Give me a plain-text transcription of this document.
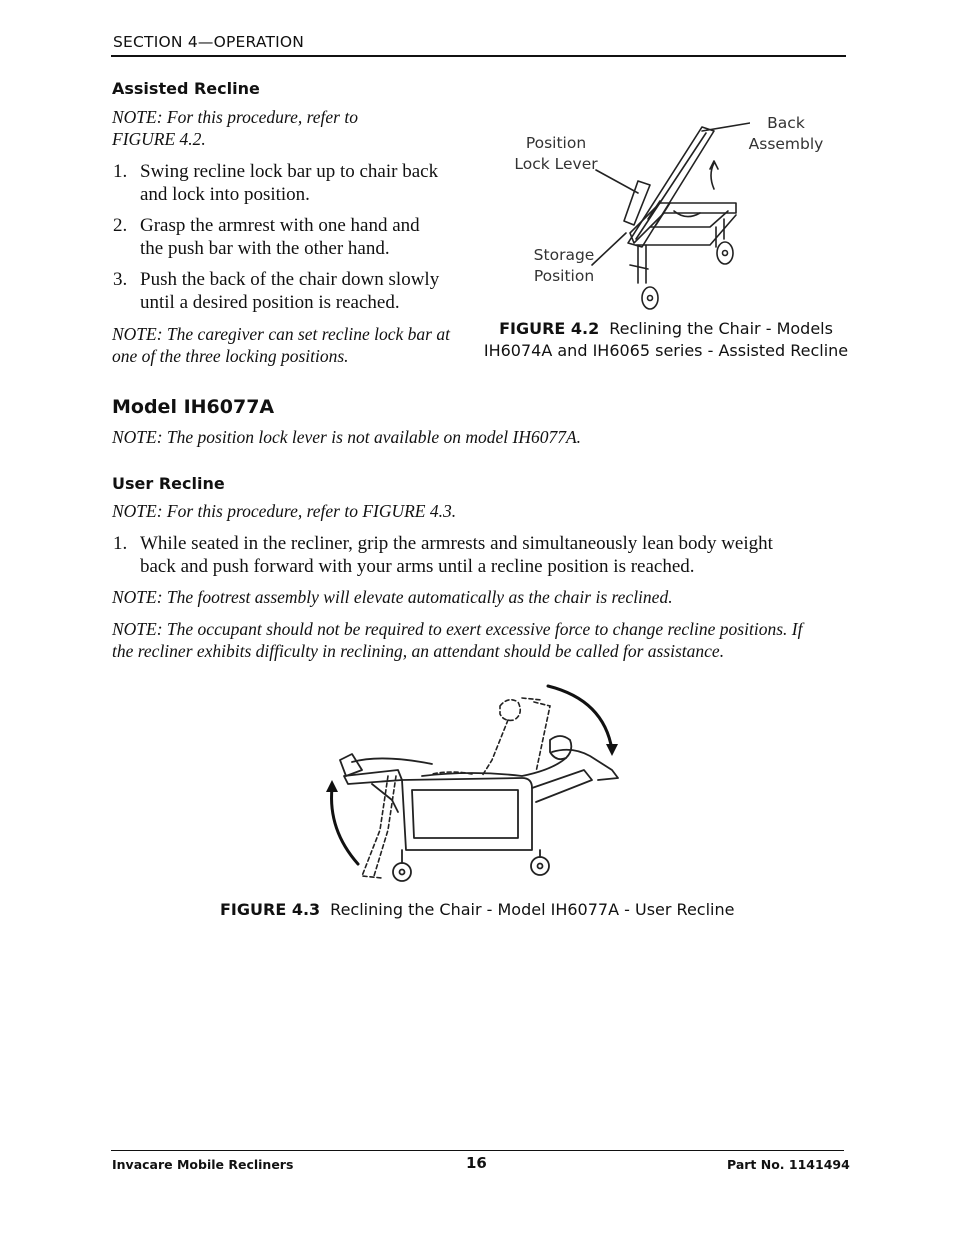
SECTION 4—OPERATION
Assisted Recline
NOTE: For this procedure, refer to
FIGURE 4.2.
1. Swing recline lock bar up to chair back
and lock into position.
2. Grasp the armrest with one hand and
the push bar with the other hand.
3. Push the back of the chair down slowly
until a desired position is reached.
NOTE: The caregiver can set recline lock bar at
one of the three locking positions.
Position
Lock Lever
Back
Assembly
Storage
Position
FIGURE 4.2 Reclining the Chair - Models
IH6074A and IH6065 series - Assisted Recline
Model IH6077A
NOTE: The position lock lever is not available on model IH6077A.
User Recline
NOTE: For this procedure, refer to FIGURE 4.3.
1. While seated in the recliner, grip the armrests and simultaneously lean body weight
back and push forward with your arms until a recline position is reached.
NOTE: The footrest assembly will elevate automatically as the chair is reclined.
NOTE: The occupant should not be required to exert excessive force to change recline positions. If
the recliner exhibits difficulty in reclining, an attendant should be called for assistance.
FIGURE 4.3 Reclining the Chair - Model IH6077A - User Recline
Invacare Mobile Recliners	16	Part No. 1141494
